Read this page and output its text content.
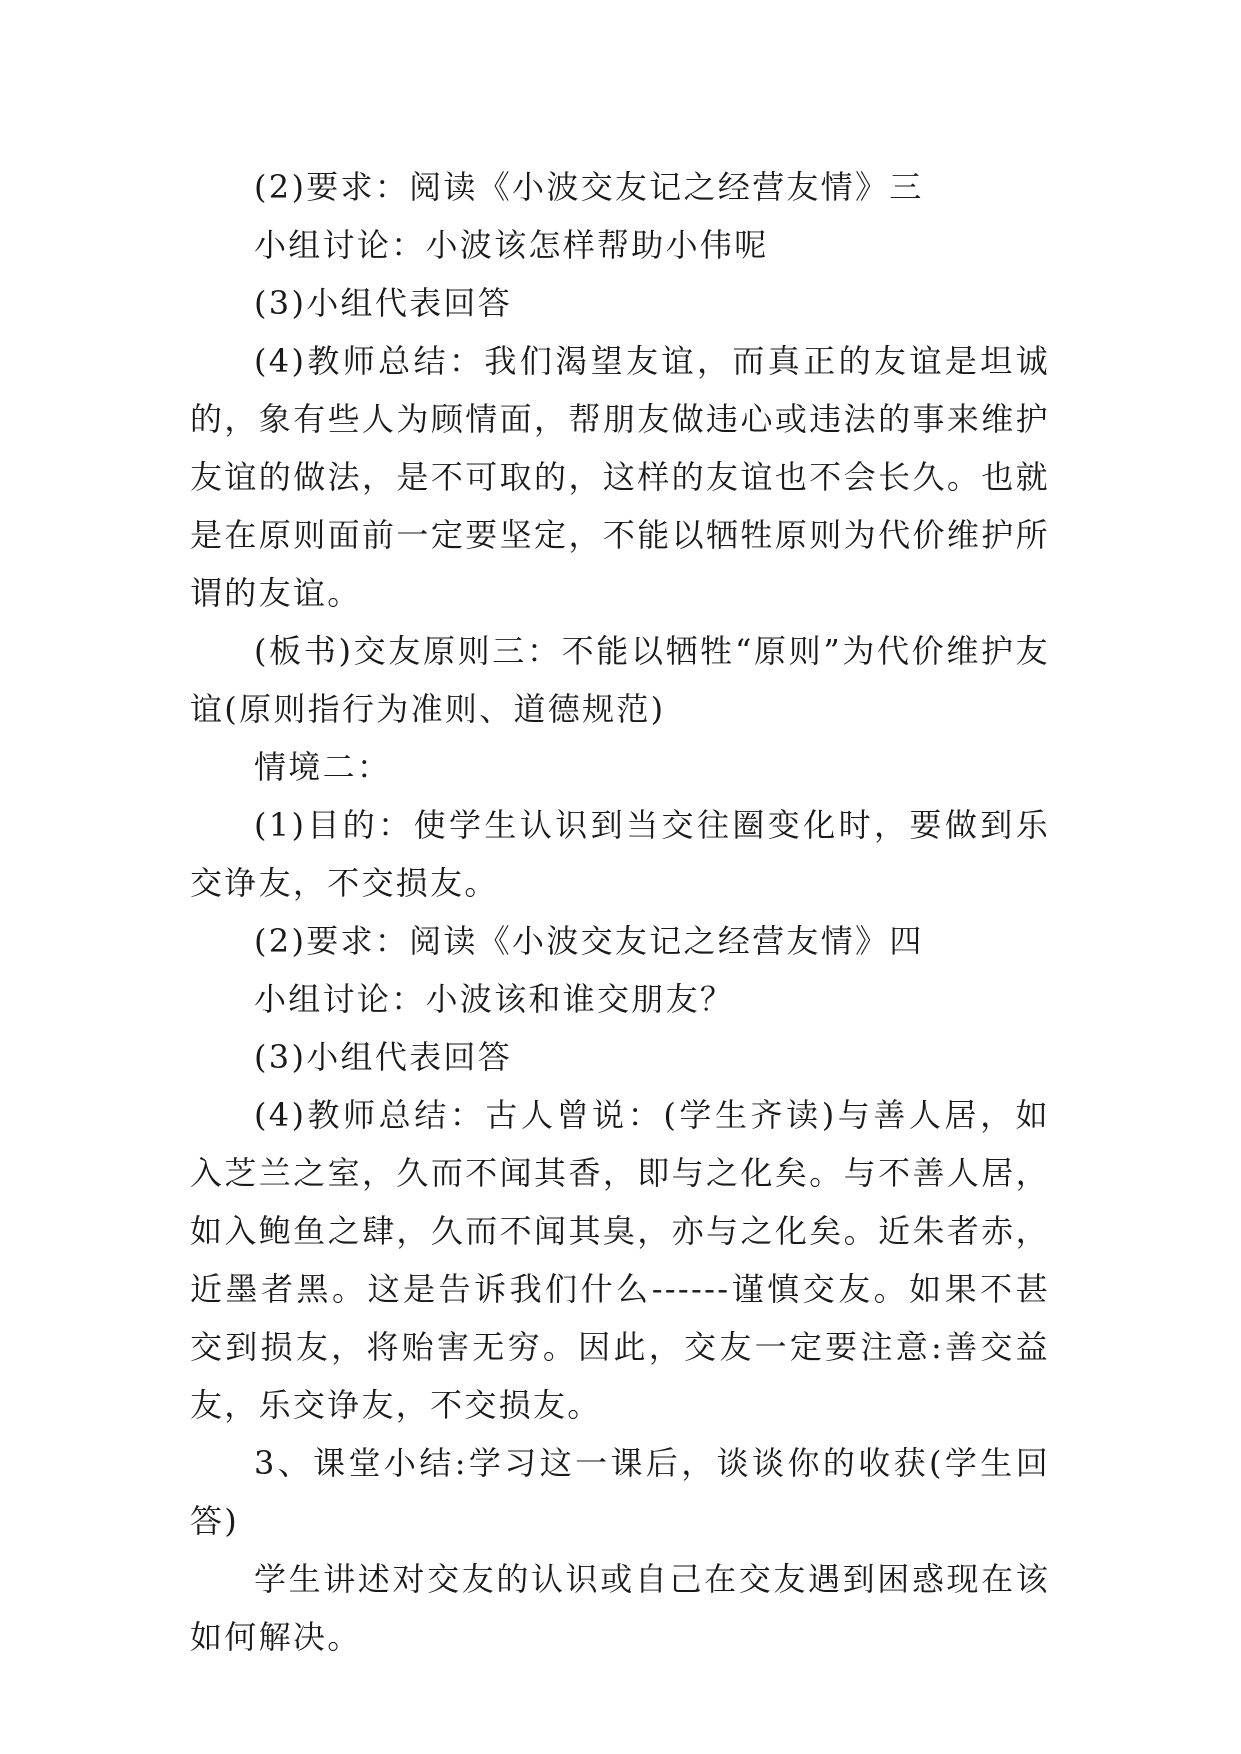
(2)要求：阅读《小波交友记之经营友情》三

小组讨论：小波该怎样帮助小伟呢

(3)小组代表回答

(4)教师总结：我们渴望友谊，而真正的友谊是坦诚的，象有些人为顾情面，帮朋友做违心或违法的事来维护友谊的做法，是不可取的，这样的友谊也不会长久。也就是在原则面前一定要坚定，不能以牺牲原则为代价维护所谓的友谊。

(板书)交友原则三：不能以牺牲“原则”为代价维护友谊(原则指行为准则、道德规范)

情境二：

(1)目的：使学生认识到当交往圈变化时，要做到乐交诤友，不交损友。

(2)要求：阅读《小波交友记之经营友情》四

小组讨论：小波该和谁交朋友？

(3)小组代表回答

(4)教师总结：古人曾说：(学生齐读)与善人居，如入芝兰之室，久而不闻其香，即与之化矣。与不善人居，如入鲍鱼之肆，久而不闻其臭，亦与之化矣。近朱者赤，近墨者黑。这是告诉我们什么------谨慎交友。如果不甚交到损友，将贻害无穷。因此，交友一定要注意:善交益友，乐交诤友，不交损友。

3、课堂小结:学习这一课后，谈谈你的收获(学生回答)

学生讲述对交友的认识或自己在交友遇到困惑现在该如何解决。
